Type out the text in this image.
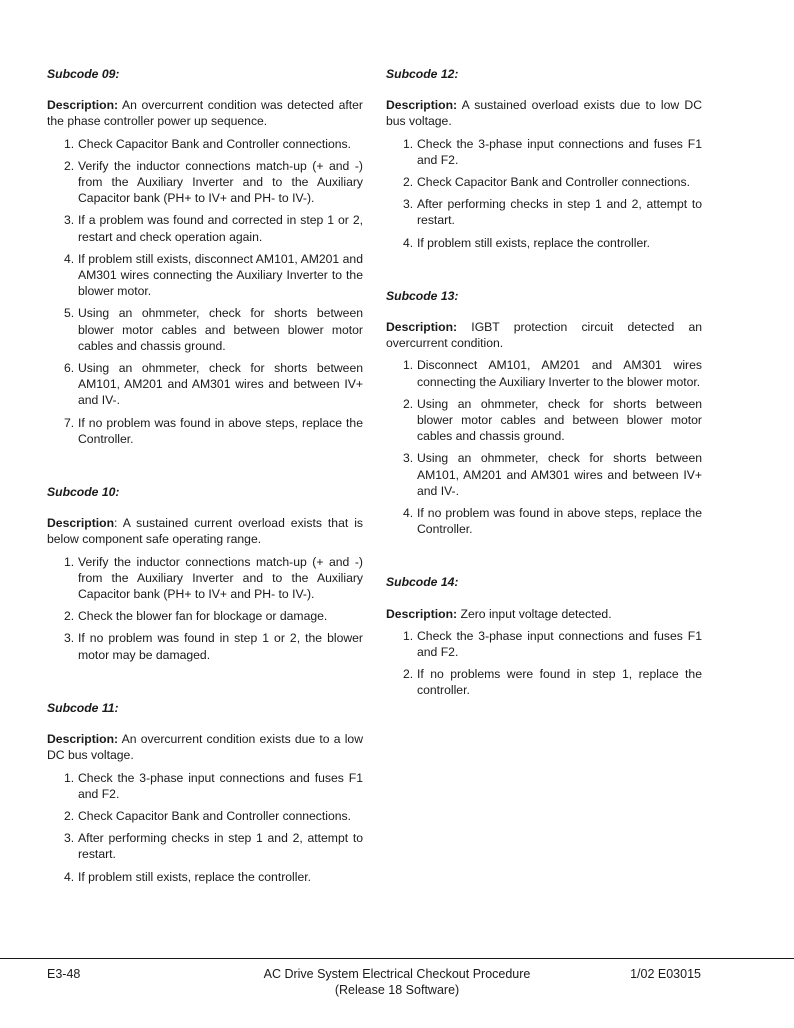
Subcode 09:

Description: An overcurrent condition was detected after the phase controller power up sequence.

1. Check Capacitor Bank and Controller connections.
2. Verify the inductor connections match-up (+ and -) from the Auxiliary Inverter and to the Auxiliary Capacitor bank (PH+ to IV+ and PH- to IV-).
3. If a problem was found and corrected in step 1 or 2, restart and check operation again.
4. If problem still exists, disconnect AM101, AM201 and AM301 wires connecting the Auxiliary Inverter to the blower motor.
5. Using an ohmmeter, check for shorts between blower motor cables and between blower motor cables and chassis ground.
6. Using an ohmmeter, check for shorts between AM101, AM201 and AM301 wires and between IV+ and IV-.
7. If no problem was found in above steps, replace the Controller.

Subcode 10:

Description: A sustained current overload exists that is below component safe operating range.

1. Verify the inductor connections match-up (+ and -) from the Auxiliary Inverter and to the Auxiliary Capacitor bank (PH+ to IV+ and PH- to IV-).
2. Check the blower fan for blockage or damage.
3. If no problem was found in step 1 or 2, the blower motor may be damaged.

Subcode 11:

Description: An overcurrent condition exists due to a low DC bus voltage.

1. Check the 3-phase input connections and fuses F1 and F2.
2. Check Capacitor Bank and Controller connections.
3. After performing checks in step 1 and 2, attempt to restart.
4. If problem still exists, replace the controller.

Subcode 12:

Description: A sustained overload exists due to low DC bus voltage.

1. Check the 3-phase input connections and fuses F1 and F2.
2. Check Capacitor Bank and Controller connections.
3. After performing checks in step 1 and 2, attempt to restart.
4. If problem still exists, replace the controller.

Subcode 13:

Description: IGBT protection circuit detected an overcurrent condition.

1. Disconnect AM101, AM201 and AM301 wires connecting the Auxiliary Inverter to the blower motor.
2. Using an ohmmeter, check for shorts between blower motor cables and between blower motor cables and chassis ground.
3. Using an ohmmeter, check for shorts between AM101, AM201 and AM301 wires and between IV+ and IV-.
4. If no problem was found in above steps, replace the Controller.

Subcode 14:

Description: Zero input voltage detected.

1. Check the 3-phase input connections and fuses F1 and F2.
2. If no problems were found in step 1, replace the controller.
E3-48	AC Drive System Electrical Checkout Procedure
(Release 18 Software)
1/02 E03015
